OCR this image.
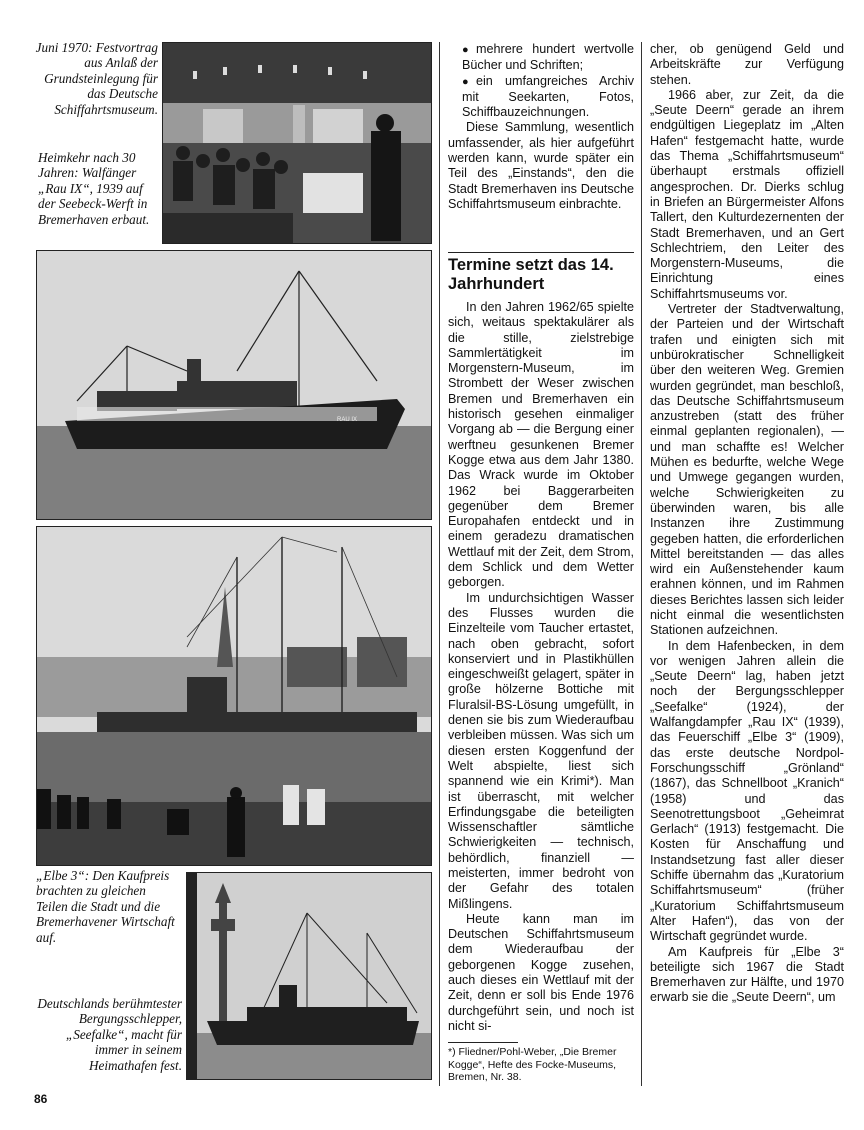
Juni 1970: Festvortrag aus Anlaß der Grundsteinlegung für das Deutsche Schiffahrtsmuseum.
Heimkehr nach 30 Jahren: Walfänger „Rau IX“, 1939 auf der Seebeck-Werft in Bremerhaven erbaut.
„Elbe 3“: Den Kaufpreis brachten zu gleichen Teilen die Stadt und die Bremerhavener Wirtschaft auf.
Deutschlands berühmtester Bergungsschlepper, „Seefalke“, macht für immer in seinem Heimathafen fest.
RAU IX

● mehrere hundert wertvolle Bücher und Schriften;

● ein umfangreiches Archiv mit Seekarten, Fotos, Schiffbauzeichnungen.

Diese Sammlung, wesentlich umfassender, als hier aufgeführt werden kann, wurde später ein Teil des „Einstands“, den die Stadt Bremerhaven ins Deutsche Schiffahrtsmuseum einbrachte.

Termine setzt das 14. Jahrhundert

In den Jahren 1962/65 spielte sich, weitaus spektakulärer als die stille, zielstrebige Sammlertätigkeit im Morgenstern-Museum, im Strombett der Weser zwischen Bremen und Bremerhaven ein historisch gesehen einmaliger Vorgang ab — die Bergung einer werftneu gesunkenen Bremer Kogge etwa aus dem Jahr 1380. Das Wrack wurde im Oktober 1962 bei Baggerarbeiten gegenüber dem Bremer Europahafen entdeckt und in einem geradezu dramatischen Wettlauf mit der Zeit, dem Strom, dem Schlick und dem Wetter geborgen.

Im undurchsichtigen Wasser des Flusses wurden die Einzelteile vom Taucher ertastet, nach oben gebracht, sofort konserviert und in Plastikhüllen eingeschweißt gelagert, später in große hölzerne Bottiche mit Fluralsil-BS-Lösung umgefüllt, in denen sie bis zum Wiederaufbau verbleiben müssen. Was sich um diesen ersten Koggenfund der Welt abspielte, liest sich spannend wie ein Krimi*). Man ist überrascht, mit welcher Erfindungsgabe die beteiligten Wissenschaftler sämtliche Schwierigkeiten — technisch, behördlich, finanziell — meisterten, immer bedroht von der Gefahr des totalen Mißlingens.

Heute kann man im Deutschen Schiffahrtsmuseum dem Wiederaufbau der geborgenen Kogge zusehen, auch dieses ein Wettlauf mit der Zeit, denn er soll bis Ende 1976 durchgeführt sein, und noch ist nicht si-

*) Fliedner/Pohl-Weber, „Die Bremer Kogge“, Hefte des Focke-Museums, Bremen, Nr. 38.

cher, ob genügend Geld und Arbeitskräfte zur Verfügung stehen.

1966 aber, zur Zeit, da die „Seute Deern“ gerade an ihrem endgültigen Liegeplatz im „Alten Hafen“ festgemacht hatte, wurde das Thema „Schiffahrtsmuseum“ überhaupt erstmals offiziell angesprochen. Dr. Dierks schlug in Briefen an Bürgermeister Alfons Tallert, den Kulturdezernenten der Stadt Bremerhaven, und an Gert Schlechtriem, den Leiter des Morgenstern-Museums, die Einrichtung eines Schiffahrtsmuseums vor.

Vertreter der Stadtverwaltung, der Parteien und der Wirtschaft trafen und einigten sich mit unbürokratischer Schnelligkeit über den weiteren Weg. Gremien wurden gegründet, man beschloß, das Deutsche Schiffahrtsmuseum anzustreben (statt des früher einmal geplanten regionalen), — und man schaffte es! Welcher Mühen es bedurfte, welche Wege und Umwege gegangen wurden, welche Schwierigkeiten zu überwinden waren, bis alle Instanzen ihre Zustimmung gegeben hatten, die erforderlichen Mittel bereitstanden — das alles wird ein Außenstehender kaum erahnen können, und im Rahmen dieses Berichtes lassen sich leider nicht einmal die wesentlichsten Stationen aufzeichnen.

In dem Hafenbecken, in dem vor wenigen Jahren allein die „Seute Deern“ lag, haben jetzt noch der Bergungsschlepper „Seefalke“ (1924), der Walfangdampfer „Rau IX“ (1939), das Feuerschiff „Elbe 3“ (1909), das erste deutsche Nordpol-Forschungsschiff „Grönland“ (1867), das Schnellboot „Kranich“ (1958) und das Seenotrettungsboot „Geheimrat Gerlach“ (1913) festgemacht. Die Kosten für Anschaffung und Instandsetzung fast aller dieser Schiffe übernahm das „Kuratorium Schiffahrtsmuseum“ (früher „Kuratorium Schiffahrtsmuseum Alter Hafen“), das von der Wirtschaft gegründet wurde.

Am Kaufpreis für „Elbe 3“ beteiligte sich 1967 die Stadt Bremerhaven zur Hälfte, und 1970 erwarb sie die „Seute Deern“, um

86
